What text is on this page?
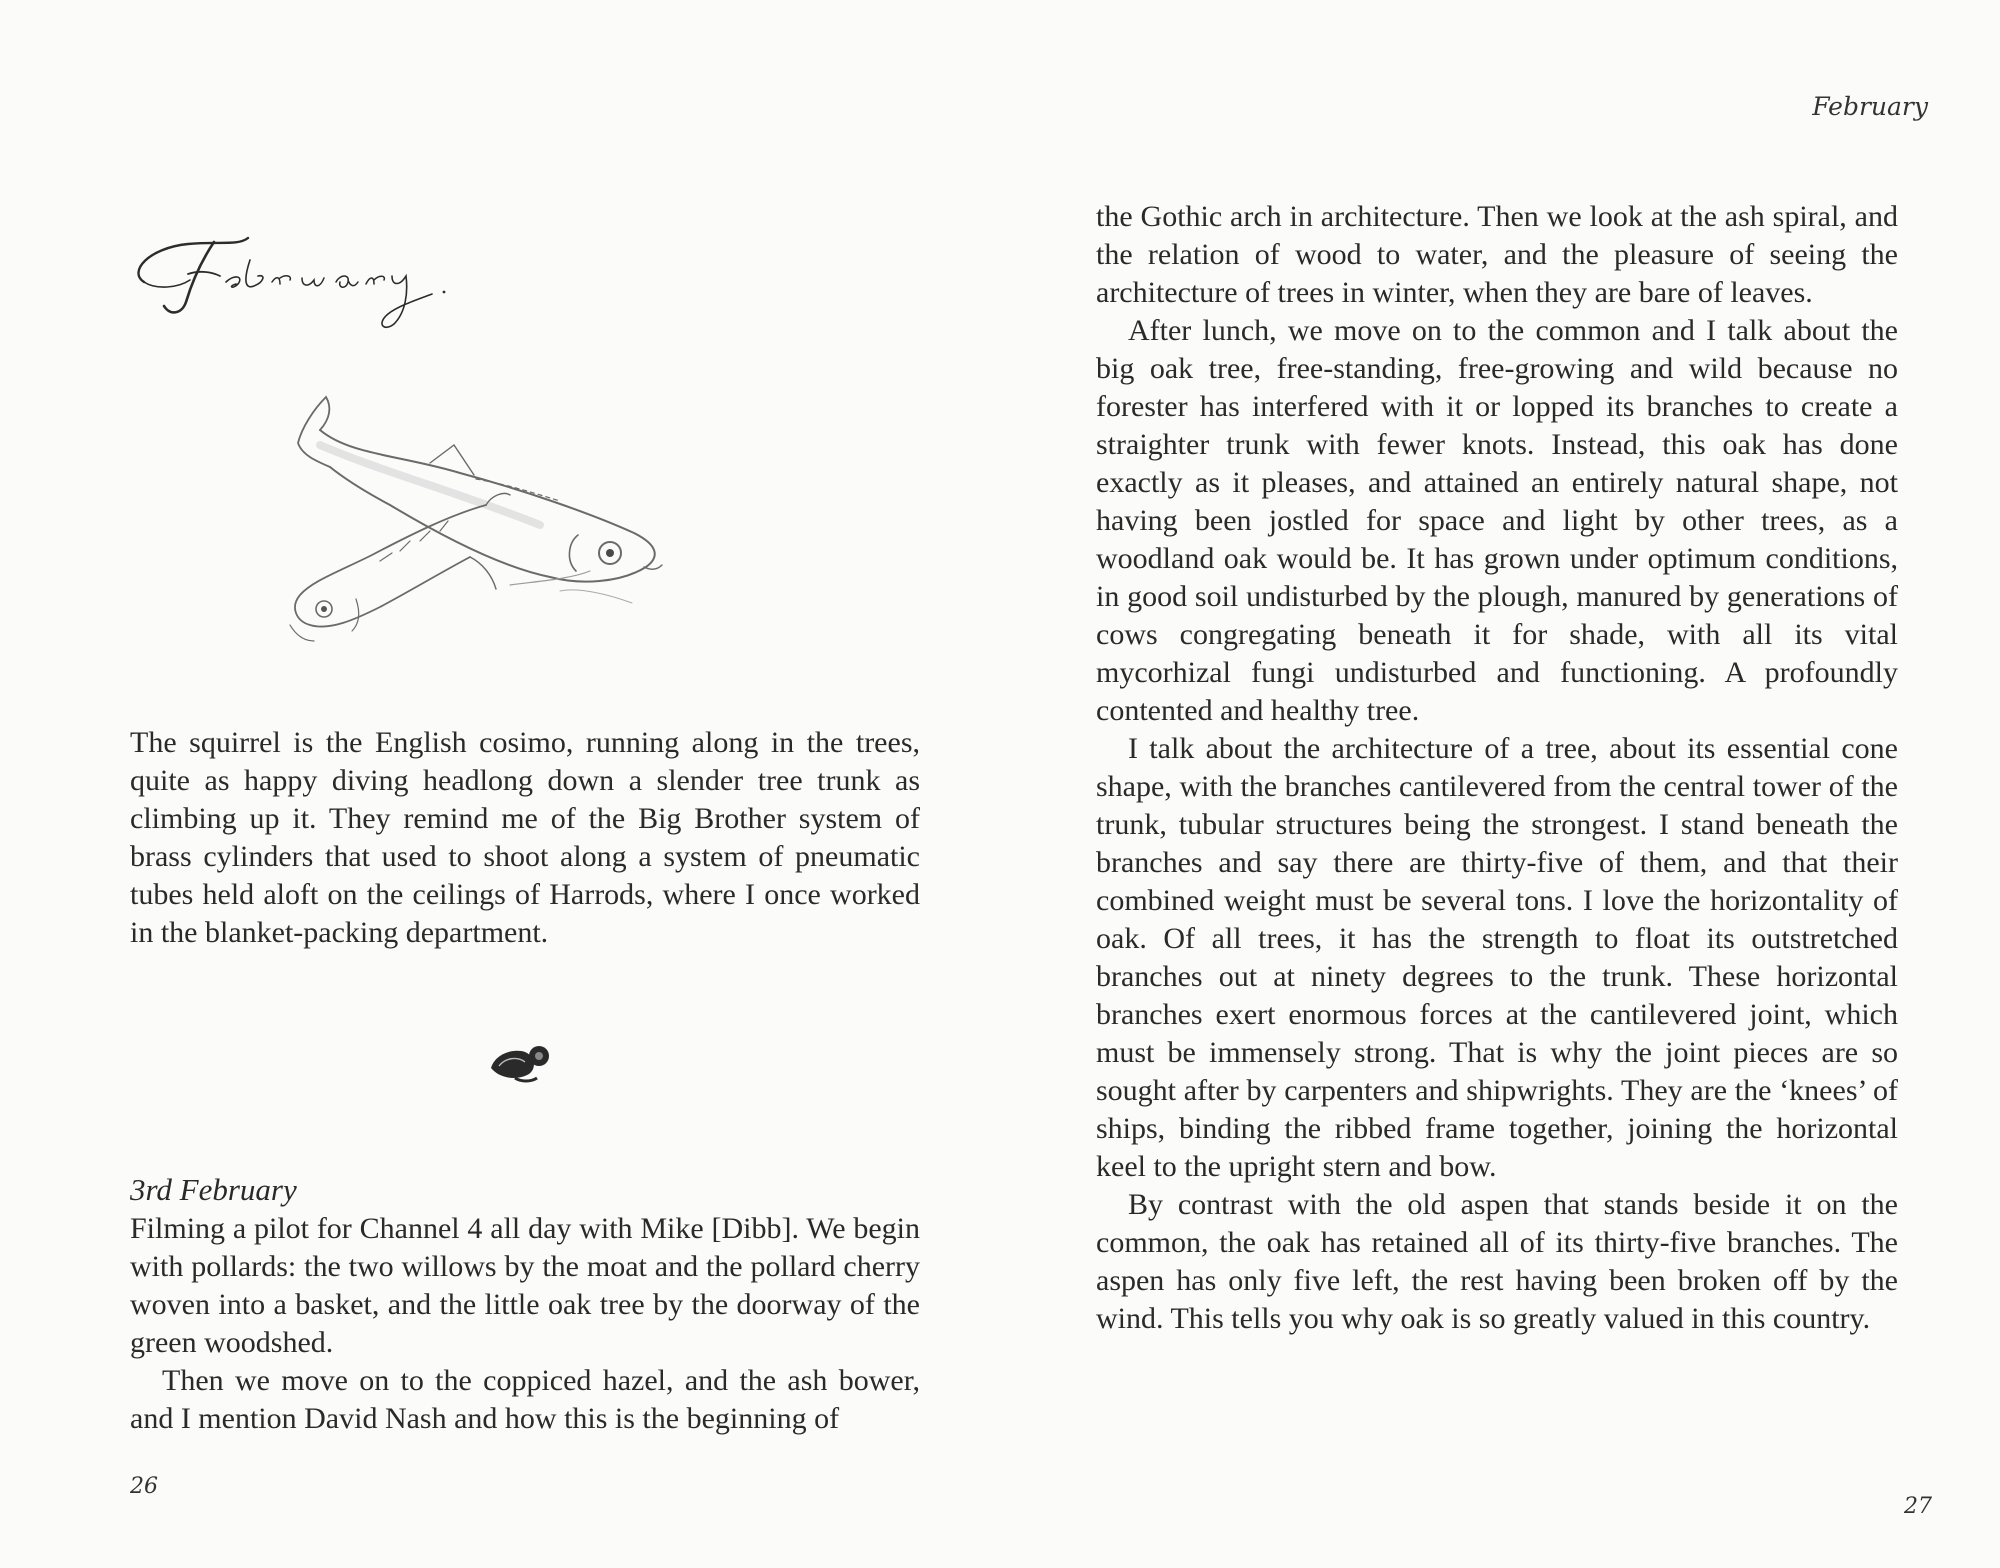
The squirrel is the English cosimo, running along in the trees, quite as happy diving headlong down a slender tree trunk as climbing up it. They remind me of the Big Brother system of brass cylinders that used to shoot along a system of pneumatic tubes held aloft on the ceilings of Harrods, where I once worked in the blanket-packing department.

3rd February

Filming a pilot for Channel 4 all day with Mike [Dibb]. We begin with pollards: the two willows by the moat and the pollard cherry woven into a basket, and the little oak tree by the doorway of the green woodshed.

Then we move on to the coppiced hazel, and the ash bower, and I mention David Nash and how this is the beginning of

26
February

the Gothic arch in architecture. Then we look at the ash spiral, and the relation of wood to water, and the pleasure of seeing the architecture of trees in winter, when they are bare of leaves.

After lunch, we move on to the common and I talk about the big oak tree, free-standing, free-growing and wild because no forester has interfered with it or lopped its branches to create a straighter trunk with fewer knots. Instead, this oak has done exactly as it pleases, and attained an entirely natural shape, not having been jostled for space and light by other trees, as a woodland oak would be. It has grown under optimum conditions, in good soil undisturbed by the plough, manured by generations of cows congregating beneath it for shade, with all its vital mycorhizal fungi undisturbed and functioning. A profoundly contented and healthy tree.

I talk about the architecture of a tree, about its essential cone shape, with the branches cantilevered from the central tower of the trunk, tubular structures being the strongest. I stand beneath the branches and say there are thirty-five of them, and that their combined weight must be several tons. I love the horizontality of oak. Of all trees, it has the strength to float its outstretched branches out at ninety degrees to the trunk. These horizontal branches exert enormous forces at the cantilevered joint, which must be immensely strong. That is why the joint pieces are so sought after by carpenters and shipwrights. They are the ‘knees’ of ships, binding the ribbed frame together, joining the horizontal keel to the upright stern and bow.

By contrast with the old aspen that stands beside it on the common, the oak has retained all of its thirty-five branches. The aspen has only five left, the rest having been broken off by the wind. This tells you why oak is so greatly valued in this country.

27
